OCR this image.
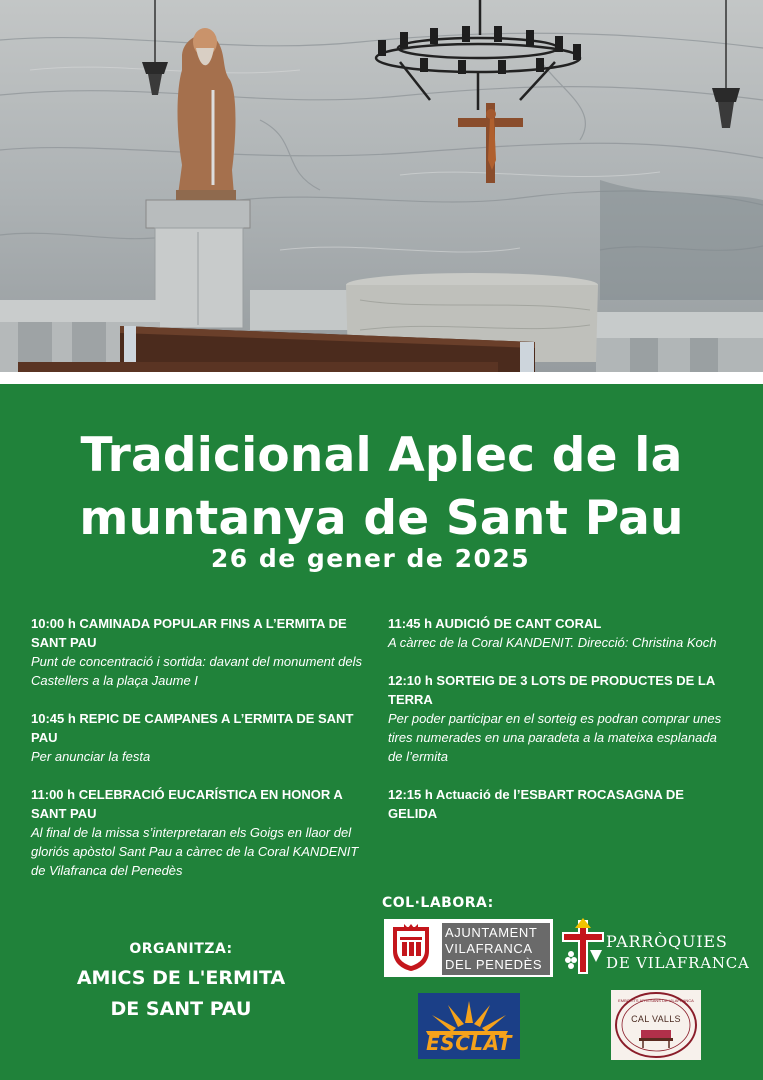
Tradicional Aplec de la
muntanya de Sant Pau
26 de gener de 2025
10:00 h CAMINADA POPULAR FINS A L’ERMITA DE SANT PAU
Punt de concentració i sortida: davant del monument dels Castellers a la plaça Jaume I
10:45 h REPIC DE CAMPANES A L’ERMITA DE SANT PAU
Per anunciar la festa
11:00 h CELEBRACIÓ EUCARÍSTICA EN HONOR A SANT PAU
Al final de la missa s’interpretaran els Goigs en llaor del gloriós apòstol Sant Pau a càrrec de la Coral KANDENIT de Vilafranca del Penedès
11:45 h AUDICIÓ DE CANT CORAL
A càrrec de la Coral KANDENIT. Direcció: Christina Koch
12:10 h SORTEIG DE 3 LOTS DE PRODUCTES DE LA TERRA
Per poder participar en el sorteig es podran comprar unes tires numerades en una paradeta a la mateixa esplanada de l’ermita
12:15 h Actuació de l’ESBART ROCASAGNA DE GELIDA
ORGANITZA:
AMICS DE L'ERMITA
DE SANT PAU
COL·LABORA:
AJUNTAMENT
VILAFRANCA
DEL PENEDÈS
PARRÒQUIES
DE VILAFRANCA
ESCLAT
EMBOTITS ARTESANS DE VILAFRANCA
CAL VALLS
